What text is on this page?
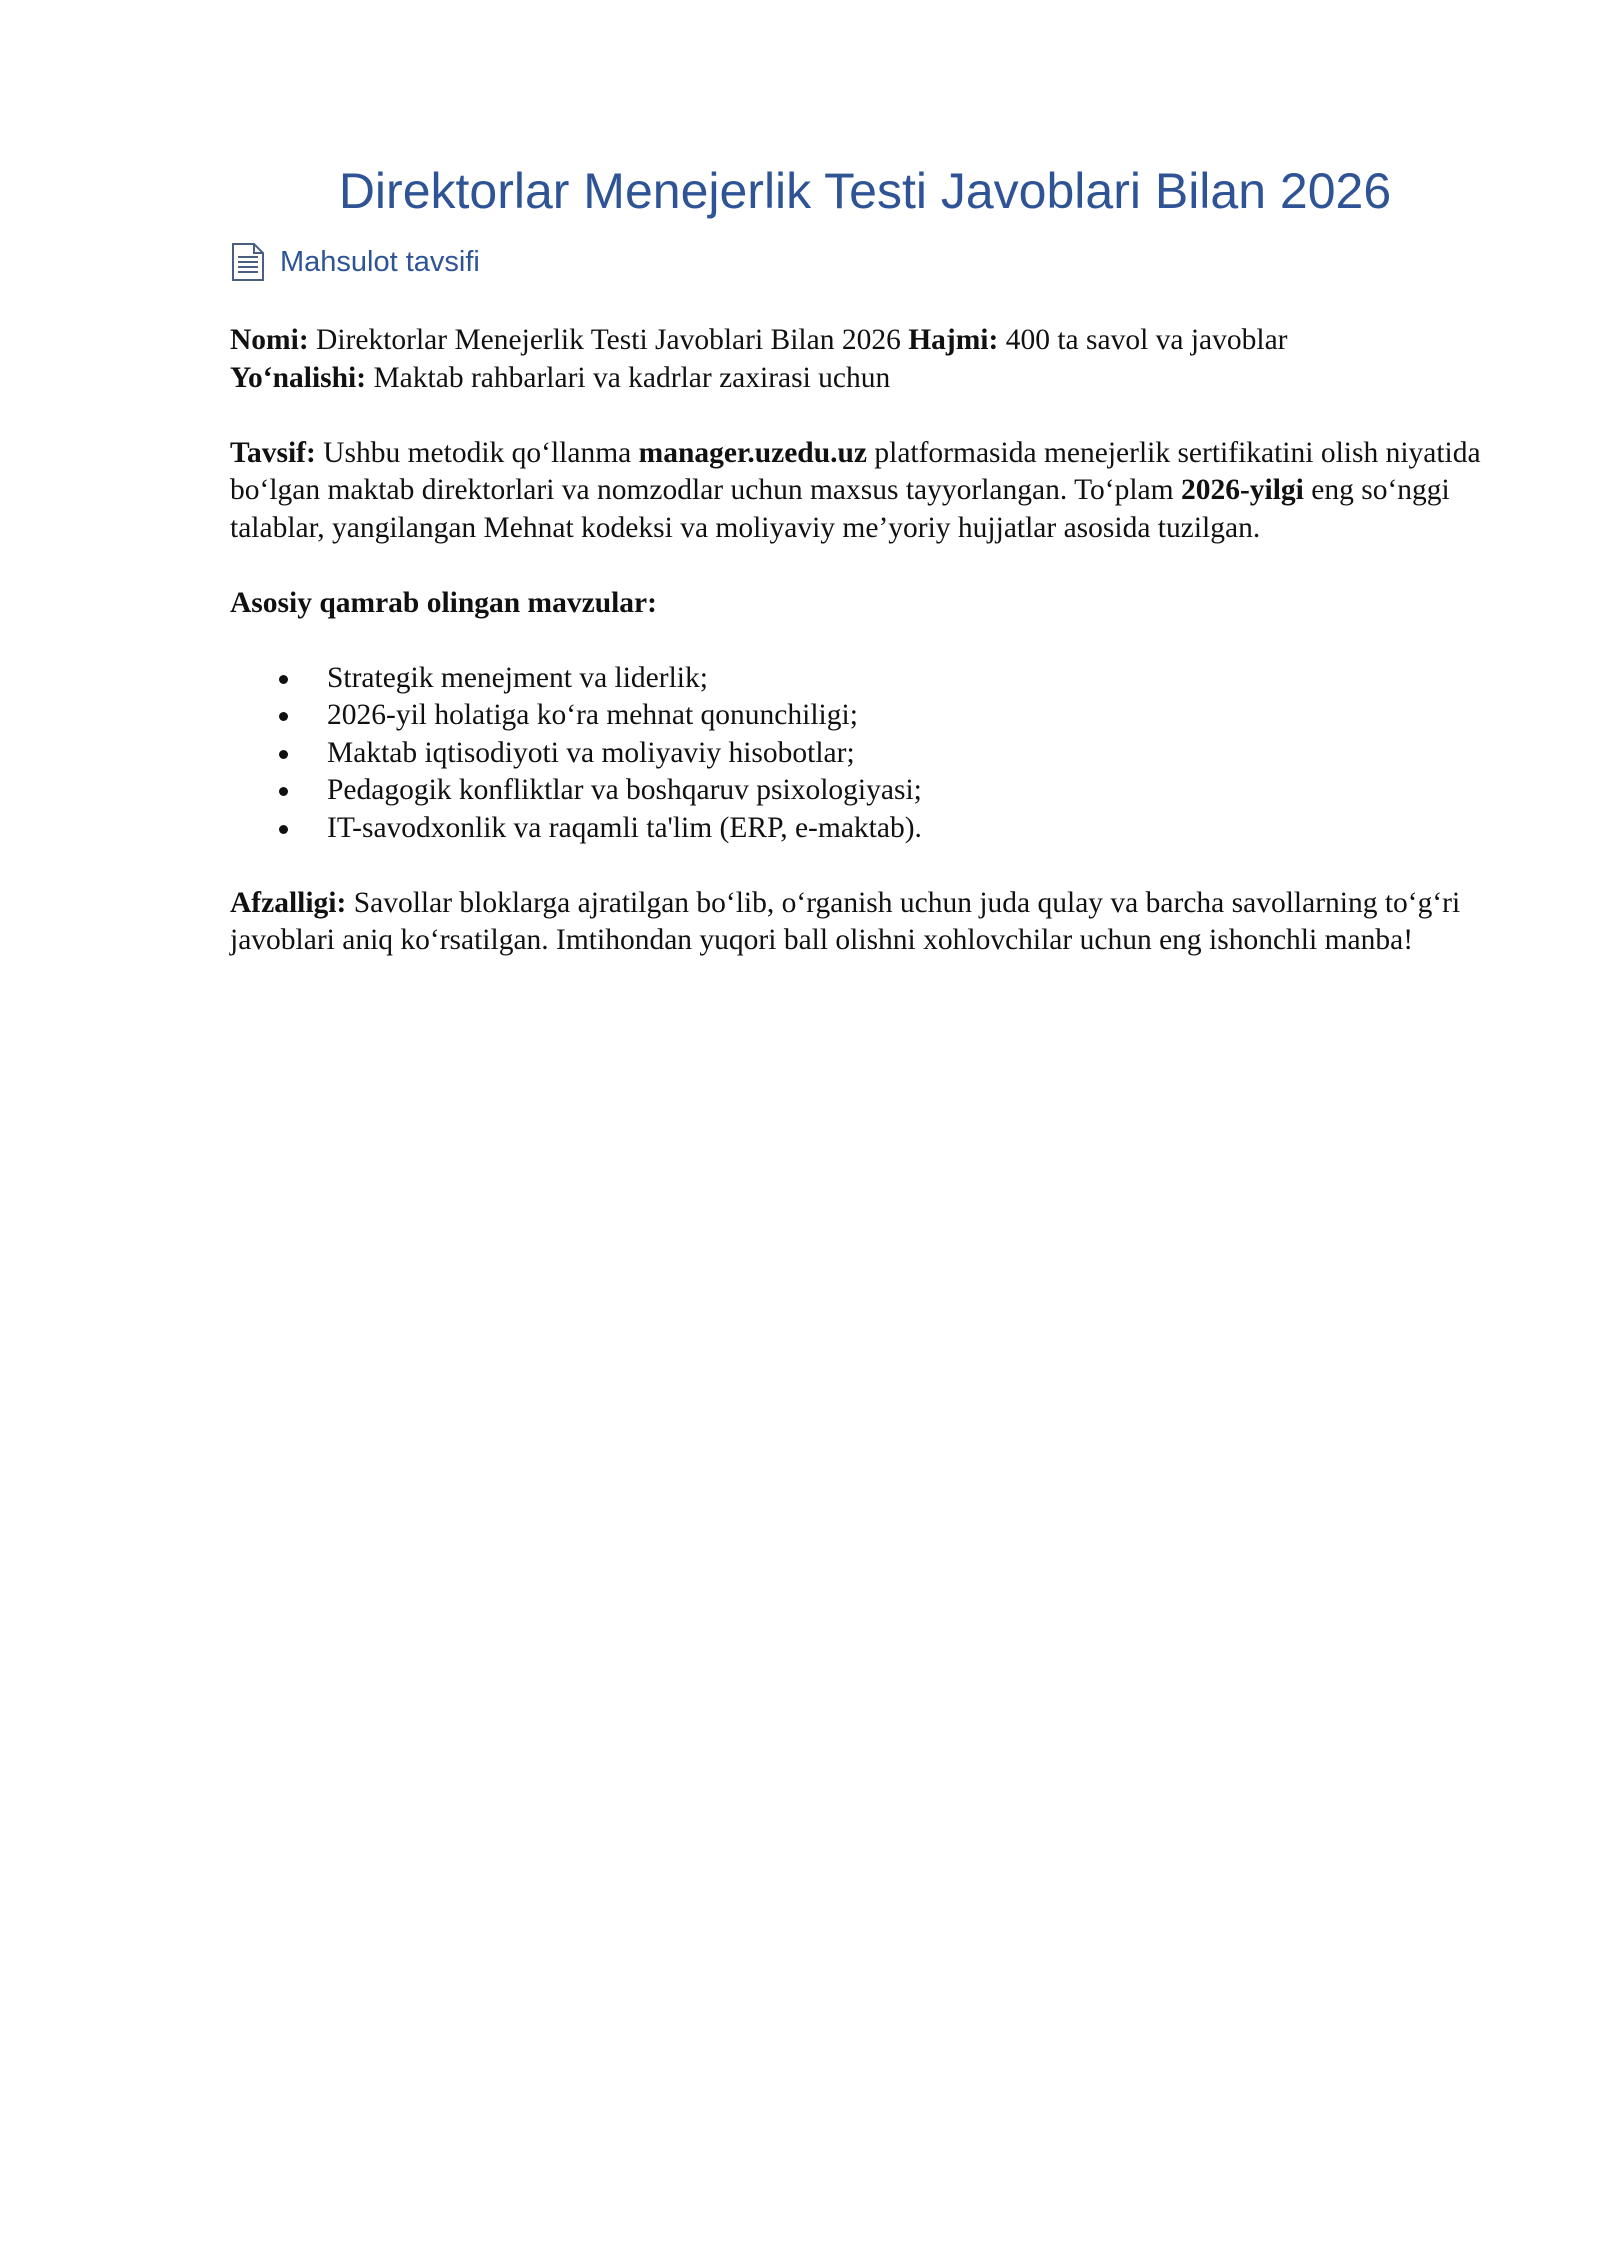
Direktorlar Menejerlik Testi Javoblari Bilan 2026
Mahsulot tavsifi

Nomi: Direktorlar Menejerlik Testi Javoblari Bilan 2026 Hajmi: 400 ta savol va javoblar
Yo‘nalishi: Maktab rahbarlari va kadrlar zaxirasi uchun

Tavsif: Ushbu metodik qo‘llanma manager.uzedu.uz platformasida menejerlik sertifikatini olish niyatida bo‘lgan maktab direktorlari va nomzodlar uchun maxsus tayyorlangan. To‘plam 2026-yilgi eng so‘nggi talablar, yangilangan Mehnat kodeksi va moliyaviy me’yoriy hujjatlar asosida tuzilgan.

Asosiy qamrab olingan mavzular:

Strategik menejment va liderlik;
2026-yil holatiga ko‘ra mehnat qonunchiligi;
Maktab iqtisodiyoti va moliyaviy hisobotlar;
Pedagogik konfliktlar va boshqaruv psixologiyasi;
IT-savodxonlik va raqamli ta'lim (ERP, e-maktab).

Afzalligi: Savollar bloklarga ajratilgan bo‘lib, o‘rganish uchun juda qulay va barcha savollarning to‘g‘ri javoblari aniq ko‘rsatilgan. Imtihondan yuqori ball olishni xohlovchilar uchun eng ishonchli manba!
